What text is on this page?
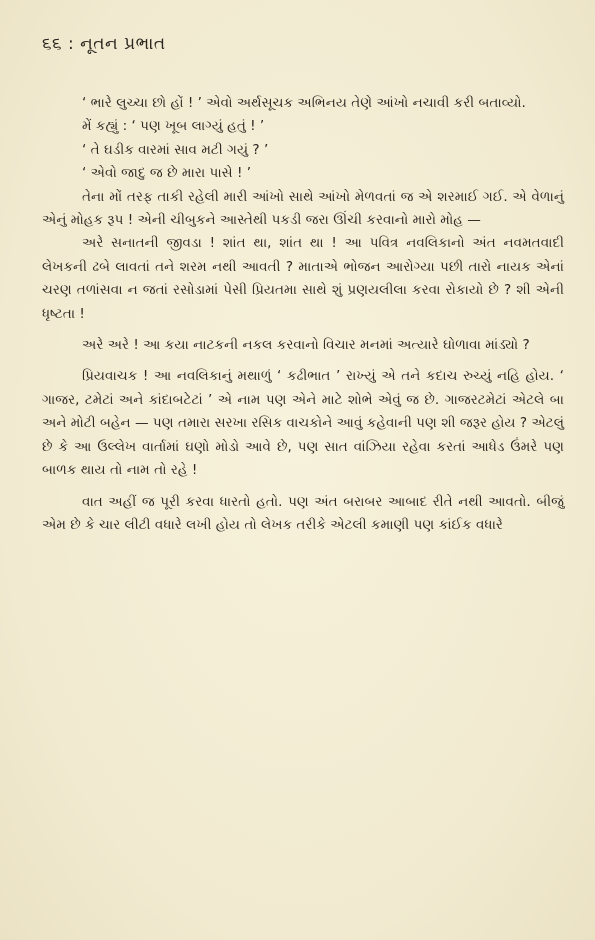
૬૬ : નૂતન પ્રભાત

‘ ભારે લુચ્ચા છો હોં ! ’ એવો અર્થસૂચક અભિનય તેણે આંખો નચાવી કરી બતાવ્યો.

મેં કહ્યું : ‘ પણ ખૂબ લાગ્યું હતું ! ’

‘ તે ઘડીક વારમાં સાવ મટી ગયું ? ’

‘ એવો જાદુ જ છે મારા પાસે ! ’

તેના મોં તરફ તાકી રહેલી મારી આંખો સાથે આંખો મેળવતાં જ એ શરમાઈ ગઈ. એ વેળાનું એનું મોહક રૂપ ! એની ચીબુકને આસ્તેથી પકડી જરા ઊંચી કરવાનો મારો મોહ —

અરે સનાતની જીવડા ! શાંત થા, શાંત થા ! આ પવિત્ર નવલિકાનો અંત નવમતવાદી લેખકની ઢબે લાવતાં તને શરમ નથી આવતી ? માતાએ ભોજન આરોગ્યા પછી તારો નાયક એનાં ચરણ તળાંસવા ન જતાં રસોડામાં પેસી પ્રિયતમા સાથે શું પ્રણયલીલા કરવા રોકાયો છે ? શી એની ધૃષ્ટતા !

અરે અરે ! આ કયા નાટકની નકલ કરવાનો વિચાર મનમાં અત્યારે ઘોળાવા માંડ્યો ?

પ્રિયવાચક ! આ નવલિકાનું મથાળું ‘ કઢીભાત ’ રાખ્યું એ તને કદાચ રુચ્યું નહિ હોય. ‘ ગાજર, ટમેટાં અને કાંદાબટેટાં ’ એ નામ પણ એને માટે શોભે એવું જ છે. ગાજરટમેટાં એટલે બા અને મોટી બહેન — પણ તમારા સરખા રસિક વાચકોને આવું કહેવાની પણ શી જરૂર હોય ? એટલું છે કે આ ઉલ્લેખ વાર્તામાં ઘણો મોડો આવે છે, પણ સાત વાંઝિયા રહેવા કરતાં આધેડ ઉંમરે પણ બાળક થાય તો નામ તો રહે !

વાત અહીં જ પૂરી કરવા ધારતો હતો. પણ અંત બરાબર આબાદ રીતે નથી આવતો. બીજું એમ છે કે ચાર લીટી વધારે લખી હોય તો લેખક તરીકે એટલી કમાણી પણ કાંઈક વધારે
